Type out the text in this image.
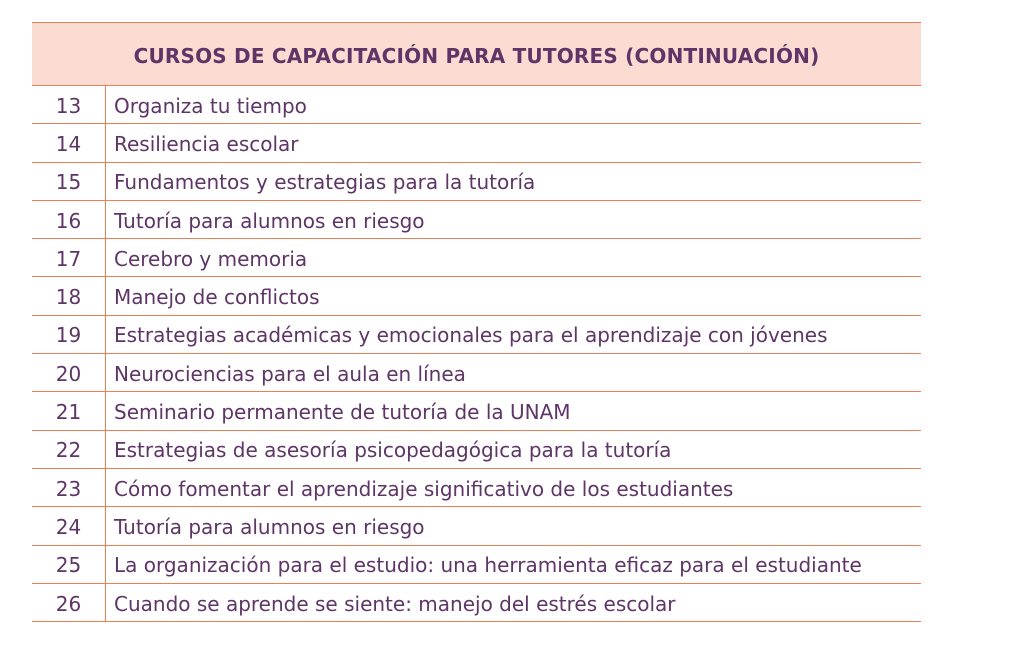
CURSOS DE CAPACITACIÓN PARA TUTORES (CONTINUACIÓN)
13	Organiza tu tiempo
14	Resiliencia escolar
15	Fundamentos y estrategias para la tutoría
16	Tutoría para alumnos en riesgo
17	Cerebro y memoria
18	Manejo de conflictos
19	Estrategias académicas y emocionales para el aprendizaje con jóvenes
20	Neurociencias para el aula en línea
21	Seminario permanente de tutoría de la UNAM
22	Estrategias de asesoría psicopedagógica para la tutoría
23	Cómo fomentar el aprendizaje significativo de los estudiantes
24	Tutoría para alumnos en riesgo
25	La organización para el estudio: una herramienta eficaz para el estudiante
26	Cuando se aprende se siente: manejo del estrés escolar
